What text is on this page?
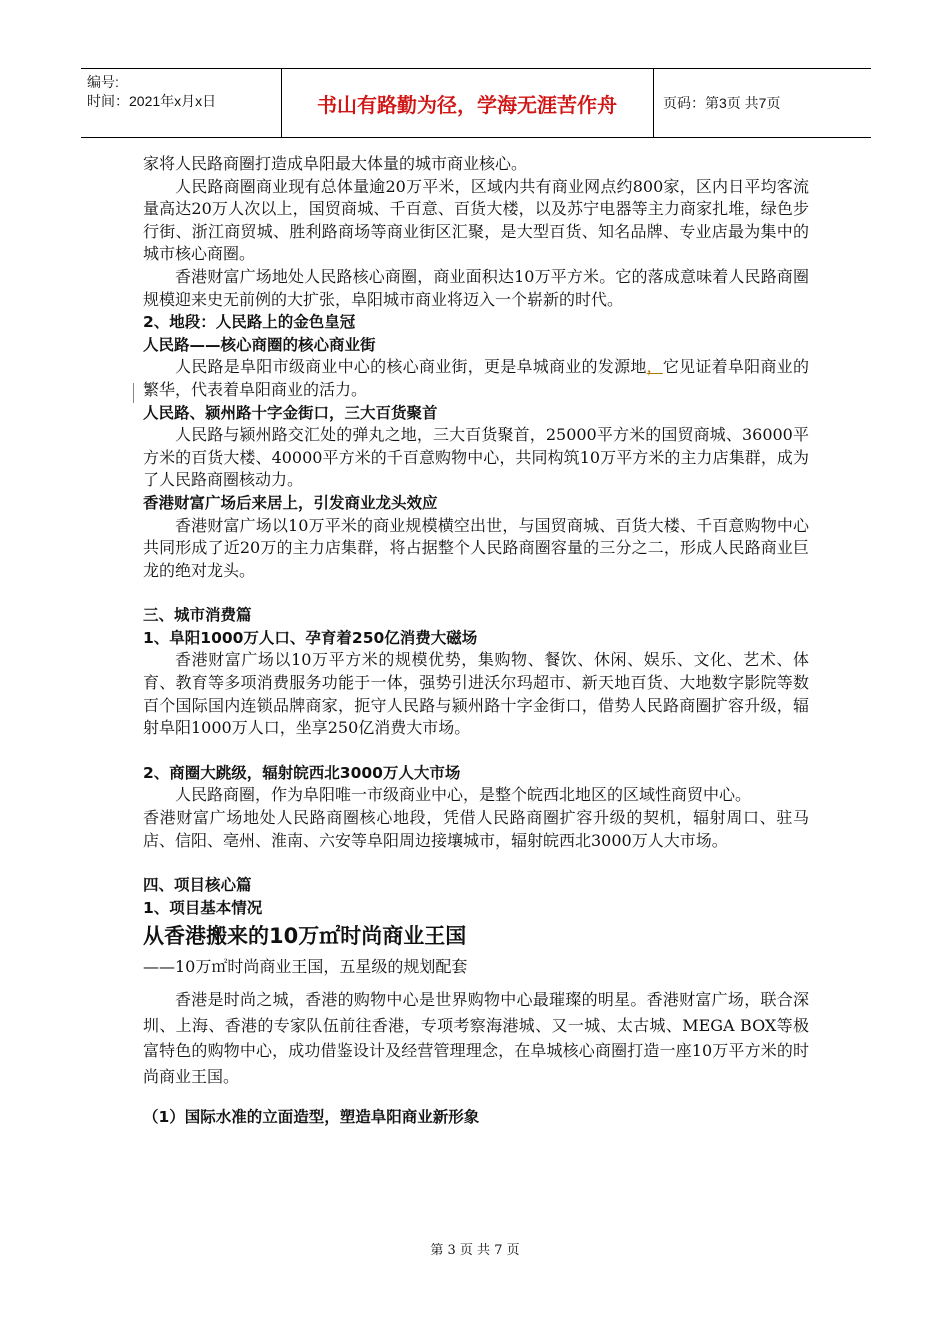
编号:
时间：2021年x月x日	书山有路勤为径，学海无涯苦作舟	页码：第3页 共7页

家将人民路商圈打造成阜阳最大体量的城市商业核心。

人民路商圈商业现有总体量逾20万平米，区域内共有商业网点约800家，区内日平均客流量高达20万人次以上，国贸商城、千百意、百货大楼，以及苏宁电器等主力商家扎堆，绿色步行街、浙江商贸城、胜利路商场等商业街区汇聚，是大型百货、知名品牌、专业店最为集中的城市核心商圈。

香港财富广场地处人民路核心商圈，商业面积达10万平方米。它的落成意味着人民路商圈规模迎来史无前例的大扩张，阜阳城市商业将迈入一个崭新的时代。

2、地段：人民路上的金色皇冠

人民路——核心商圈的核心商业街

人民路是阜阳市级商业中心的核心商业街，更是阜城商业的发源地，它见证着阜阳商业的繁华，代表着阜阳商业的活力。

人民路、颍州路十字金街口，三大百货聚首

人民路与颍州路交汇处的弹丸之地，三大百货聚首，25000平方米的国贸商城、36000平方米的百货大楼、40000平方米的千百意购物中心，共同构筑10万平方米的主力店集群，成为了人民路商圈核动力。

香港财富广场后来居上，引发商业龙头效应

香港财富广场以10万平米的商业规模横空出世，与国贸商城、百货大楼、千百意购物中心共同形成了近20万的主力店集群，将占据整个人民路商圈容量的三分之二，形成人民路商业巨龙的绝对龙头。

三、城市消费篇

1、阜阳1000万人口、孕育着250亿消费大磁场

香港财富广场以10万平方米的规模优势，集购物、餐饮、休闲、娱乐、文化、艺术、体育、教育等多项消费服务功能于一体，强势引进沃尔玛超市、新天地百货、大地数字影院等数百个国际国内连锁品牌商家，扼守人民路与颍州路十字金街口，借势人民路商圈扩容升级，辐射阜阳1000万人口，坐享250亿消费大市场。

2、商圈大跳级，辐射皖西北3000万人大市场

人民路商圈，作为阜阳唯一市级商业中心，是整个皖西北地区的区域性商贸中心。

香港财富广场地处人民路商圈核心地段，凭借人民路商圈扩容升级的契机，辐射周口、驻马店、信阳、亳州、淮南、六安等阜阳周边接壤城市，辐射皖西北3000万人大市场。

四、项目核心篇

1、项目基本情况

从香港搬来的10万㎡时尚商业王国

——10万㎡时尚商业王国，五星级的规划配套

香港是时尚之城，香港的购物中心是世界购物中心最璀璨的明星。香港财富广场，联合深圳、上海、香港的专家队伍前往香港，专项考察海港城、又一城、太古城、MEGA BOX等极富特色的购物中心，成功借鉴设计及经营管理理念，在阜城核心商圈打造一座10万平方米的时尚商业王国。

（1）国际水准的立面造型，塑造阜阳商业新形象

第 3 页 共 7 页
